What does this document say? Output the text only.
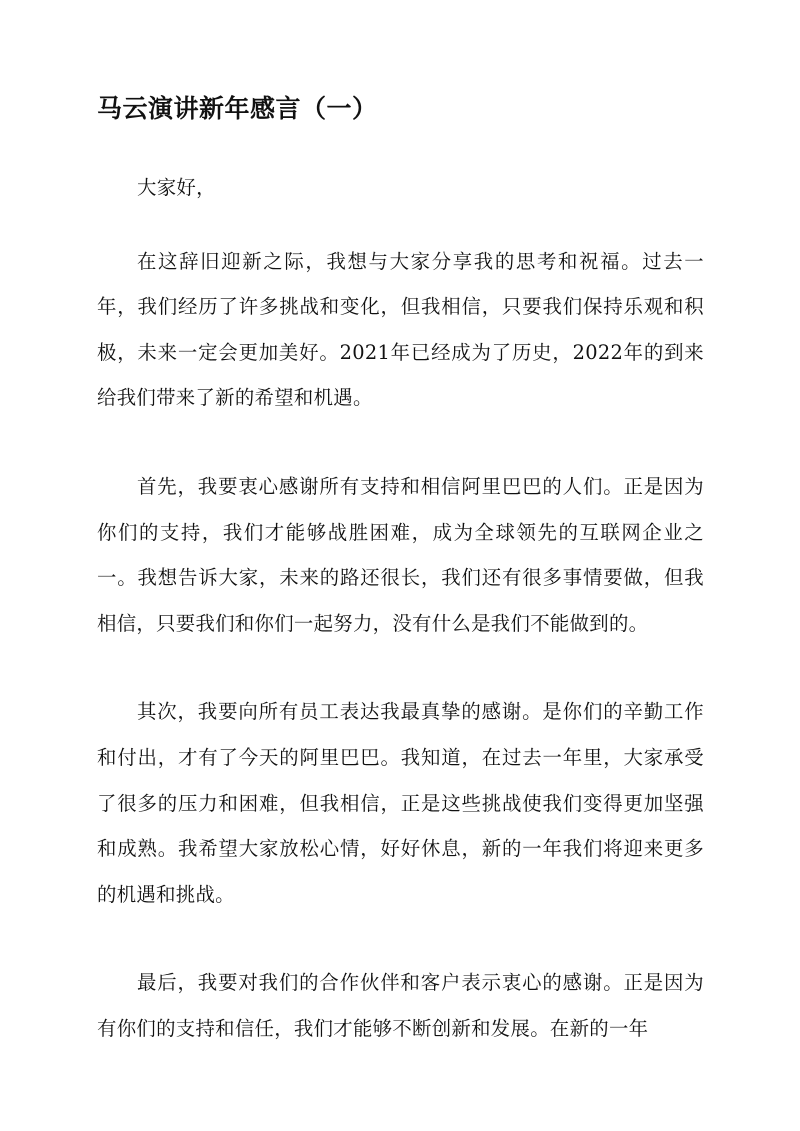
马云演讲新年感言（一）

大家好，

在这辞旧迎新之际，我想与大家分享我的思考和祝福。过去一年，我们经历了许多挑战和变化，但我相信，只要我们保持乐观和积极，未来一定会更加美好。2021年已经成为了历史，2022年的到来给我们带来了新的希望和机遇。

首先，我要衷心感谢所有支持和相信阿里巴巴的人们。正是因为你们的支持，我们才能够战胜困难，成为全球领先的互联网企业之一。我想告诉大家，未来的路还很长，我们还有很多事情要做，但我相信，只要我们和你们一起努力，没有什么是我们不能做到的。

其次，我要向所有员工表达我最真挚的感谢。是你们的辛勤工作和付出，才有了今天的阿里巴巴。我知道，在过去一年里，大家承受了很多的压力和困难，但我相信，正是这些挑战使我们变得更加坚强和成熟。我希望大家放松心情，好好休息，新的一年我们将迎来更多的机遇和挑战。

最后，我要对我们的合作伙伴和客户表示衷心的感谢。正是因为有你们的支持和信任，我们才能够不断创新和发展。在新的一年
